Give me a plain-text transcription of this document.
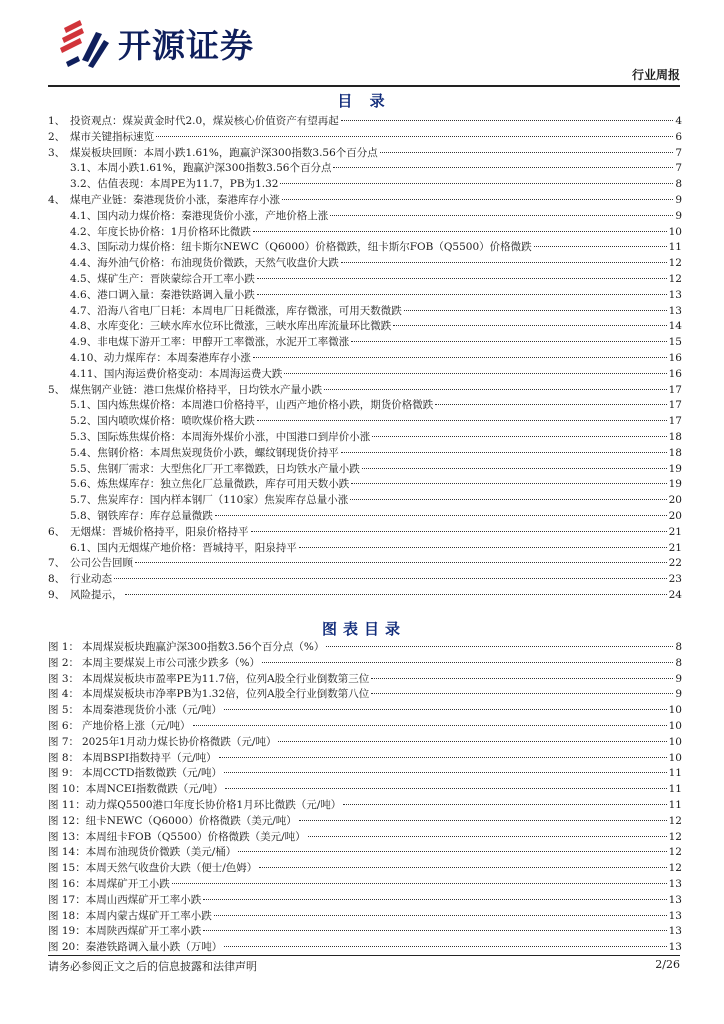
开源证券
行业周报
目 录
1、 投资观点：煤炭黄金时代2.0，煤炭核心价值资产有望再起	4
2、 煤市关键指标速览	6
3、 煤炭板块回顾：本周小跌1.61%，跑赢沪深300指数3.56个百分点	7
3.1、 本周小跌1.61%，跑赢沪深300指数3.56个百分点	7
3.2、 估值表现：本周PE为11.7，PB为1.32	8
4、 煤电产业链：秦港现货价小涨，秦港库存小涨	9
4.1、 国内动力煤价格：秦港现货价小涨，产地价格上涨	9
4.2、 年度长协价格：1月价格环比微跌	10
4.3、 国际动力煤价格：纽卡斯尔NEWC（Q6000）价格微跌，纽卡斯尔FOB（Q5500）价格微跌	11
4.4、 海外油气价格：布油现货价微跌，天然气收盘价大跌	12
4.5、 煤矿生产：晋陕蒙综合开工率小跌	12
4.6、 港口调入量：秦港铁路调入量小跌	13
4.7、 沿海八省电厂日耗：本周电厂日耗微涨，库存微涨，可用天数微跌	13
4.8、 水库变化：三峡水库水位环比微涨，三峡水库出库流量环比微跌	14
4.9、 非电煤下游开工率：甲醇开工率微涨，水泥开工率微涨	15
4.10、 动力煤库存：本周秦港库存小涨	16
4.11、 国内海运费价格变动：本周海运费大跌	16
5、 煤焦钢产业链：港口焦煤价格持平，日均铁水产量小跌	17
5.1、 国内炼焦煤价格：本周港口价格持平，山西产地价格小跌，期货价格微跌	17
5.2、 国内喷吹煤价格：喷吹煤价格大跌	17
5.3、 国际炼焦煤价格：本周海外煤价小涨，中国港口到岸价小涨	18
5.4、 焦钢价格：本周焦炭现货价小跌，螺纹钢现货价持平	18
5.5、 焦钢厂需求：大型焦化厂开工率微跌，日均铁水产量小跌	19
5.6、 炼焦煤库存：独立焦化厂总量微跌，库存可用天数小跌	19
5.7、 焦炭库存：国内样本钢厂（110家）焦炭库存总量小涨	20
5.8、 钢铁库存：库存总量微跌	20
6、 无烟煤：晋城价格持平，阳泉价格持平	21
6.1、 国内无烟煤产地价格：晋城持平，阳泉持平	21
7、 公司公告回顾	22
8、 行业动态	23
9、 风险提示，	24
图表目录
图 1： 本周煤炭板块跑赢沪深300指数3.56个百分点（%）	8
图 2： 本周主要煤炭上市公司涨少跌多（%）	8
图 3： 本周煤炭板块市盈率PE为11.7倍，位列A股全行业倒数第三位	9
图 4： 本周煤炭板块市净率PB为1.32倍，位列A股全行业倒数第八位	9
图 5： 本周秦港现货价小涨（元/吨）	10
图 6： 产地价格上涨（元/吨）	10
图 7： 2025年1月动力煤长协价格微跌（元/吨）	10
图 8： 本周BSPI指数持平（元/吨）	10
图 9： 本周CCTD指数微跌（元/吨）	11
图 10： 本周NCEI指数微跌（元/吨）	11
图 11： 动力煤Q5500港口年度长协价格1月环比微跌（元/吨）	11
图 12： 纽卡NEWC（Q6000）价格微跌（美元/吨）	12
图 13： 本周纽卡FOB（Q5500）价格微跌（美元/吨）	12
图 14： 本周布油现货价微跌（美元/桶）	12
图 15： 本周天然气收盘价大跌（便士/色姆）	12
图 16： 本周煤矿开工小跌	13
图 17： 本周山西煤矿开工率小跌	13
图 18： 本周内蒙古煤矿开工率小跌	13
图 19： 本周陕西煤矿开工率小跌	13
图 20： 秦港铁路调入量小跌（万吨）	13
请务必参阅正文之后的信息披露和法律声明	2/26
